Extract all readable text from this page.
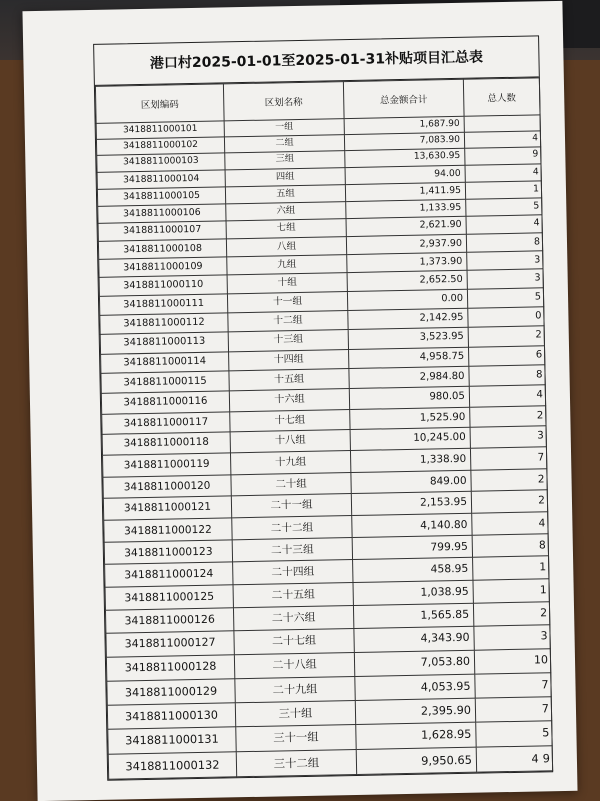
港口村2025-01-01至2025-01-31补贴项目汇总表
区划编码	区划名称	总金额合计	总人数
3418811000101	一组	1,687.90	
3418811000102	二组	7,083.90	4
3418811000103	三组	13,630.95	9
3418811000104	四组	94.00	4
3418811000105	五组	1,411.95	1
3418811000106	六组	1,133.95	5
3418811000107	七组	2,621.90	4
3418811000108	八组	2,937.90	8
3418811000109	九组	1,373.90	3
3418811000110	十组	2,652.50	3
3418811000111	十一组	0.00	5
3418811000112	十二组	2,142.95	0
3418811000113	十三组	3,523.95	2
3418811000114	十四组	4,958.75	6
3418811000115	十五组	2,984.80	8
3418811000116	十六组	980.05	4
3418811000117	十七组	1,525.90	2
3418811000118	十八组	10,245.00	3
3418811000119	十九组	1,338.90	7
3418811000120	二十组	849.00	2
3418811000121	二十一组	2,153.95	2
3418811000122	二十二组	4,140.80	4
3418811000123	二十三组	799.95	8
3418811000124	二十四组	458.95	1
3418811000125	二十五组	1,038.95	1
3418811000126	二十六组	1,565.85	2
3418811000127	二十七组	4,343.90	3
3418811000128	二十八组	7,053.80	10
3418811000129	二十九组	4,053.95	7
3418811000130	三十组	2,395.90	7
3418811000131	三十一组	1,628.95	5
3418811000132	三十二组	9,950.65	4 9
